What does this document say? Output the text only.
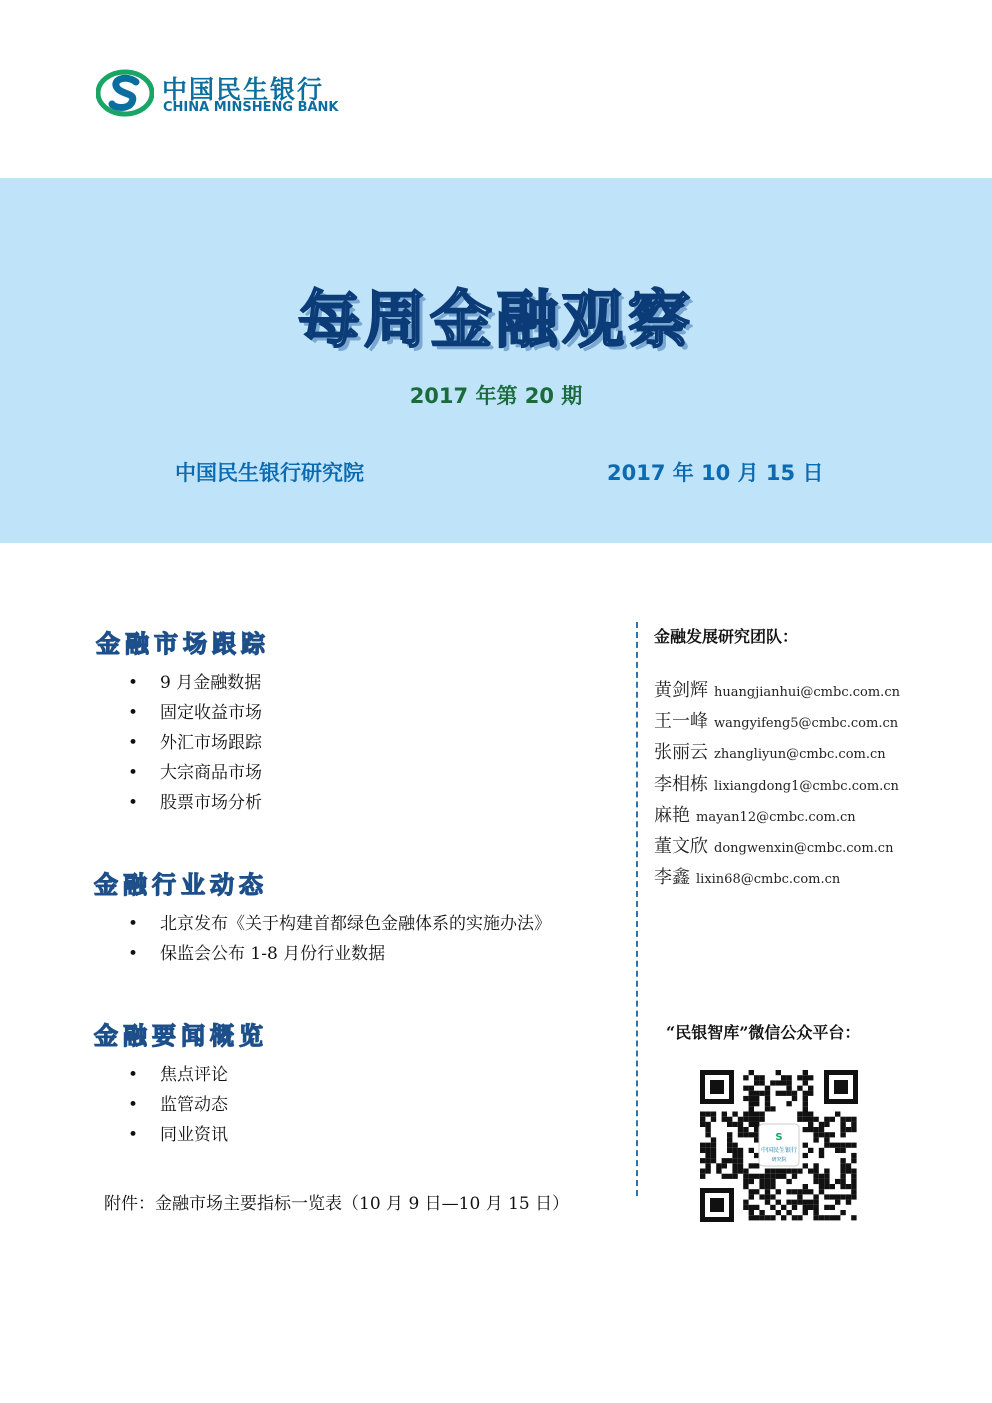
中国民生银行
CHINA MINSHENG BANK
每周金融观察
2017 年第 20 期
中国民生银行研究院	2017 年 10 月 15 日
金融市场跟踪
• 9 月金融数据
• 固定收益市场
• 外汇市场跟踪
• 大宗商品市场
• 股票市场分析
金融行业动态
• 北京发布《关于构建首都绿色金融体系的实施办法》
• 保监会公布 1-8 月份行业数据
金融要闻概览
• 焦点评论
• 监管动态
• 同业资讯
附件：金融市场主要指标一览表（10 月 9 日—10 月 15 日）
金融发展研究团队：
黄剑辉 huangjianhui@cmbc.com.cn
王一峰 wangyifeng5@cmbc.com.cn
张丽云 zhangliyun@cmbc.com.cn
李相栋 lixiangdong1@cmbc.com.cn
麻艳 mayan12@cmbc.com.cn
董文欣 dongwenxin@cmbc.com.cn
李鑫 lixin68@cmbc.com.cn
“民银智库”微信公众平台：
S
中国民生银行
研究院
